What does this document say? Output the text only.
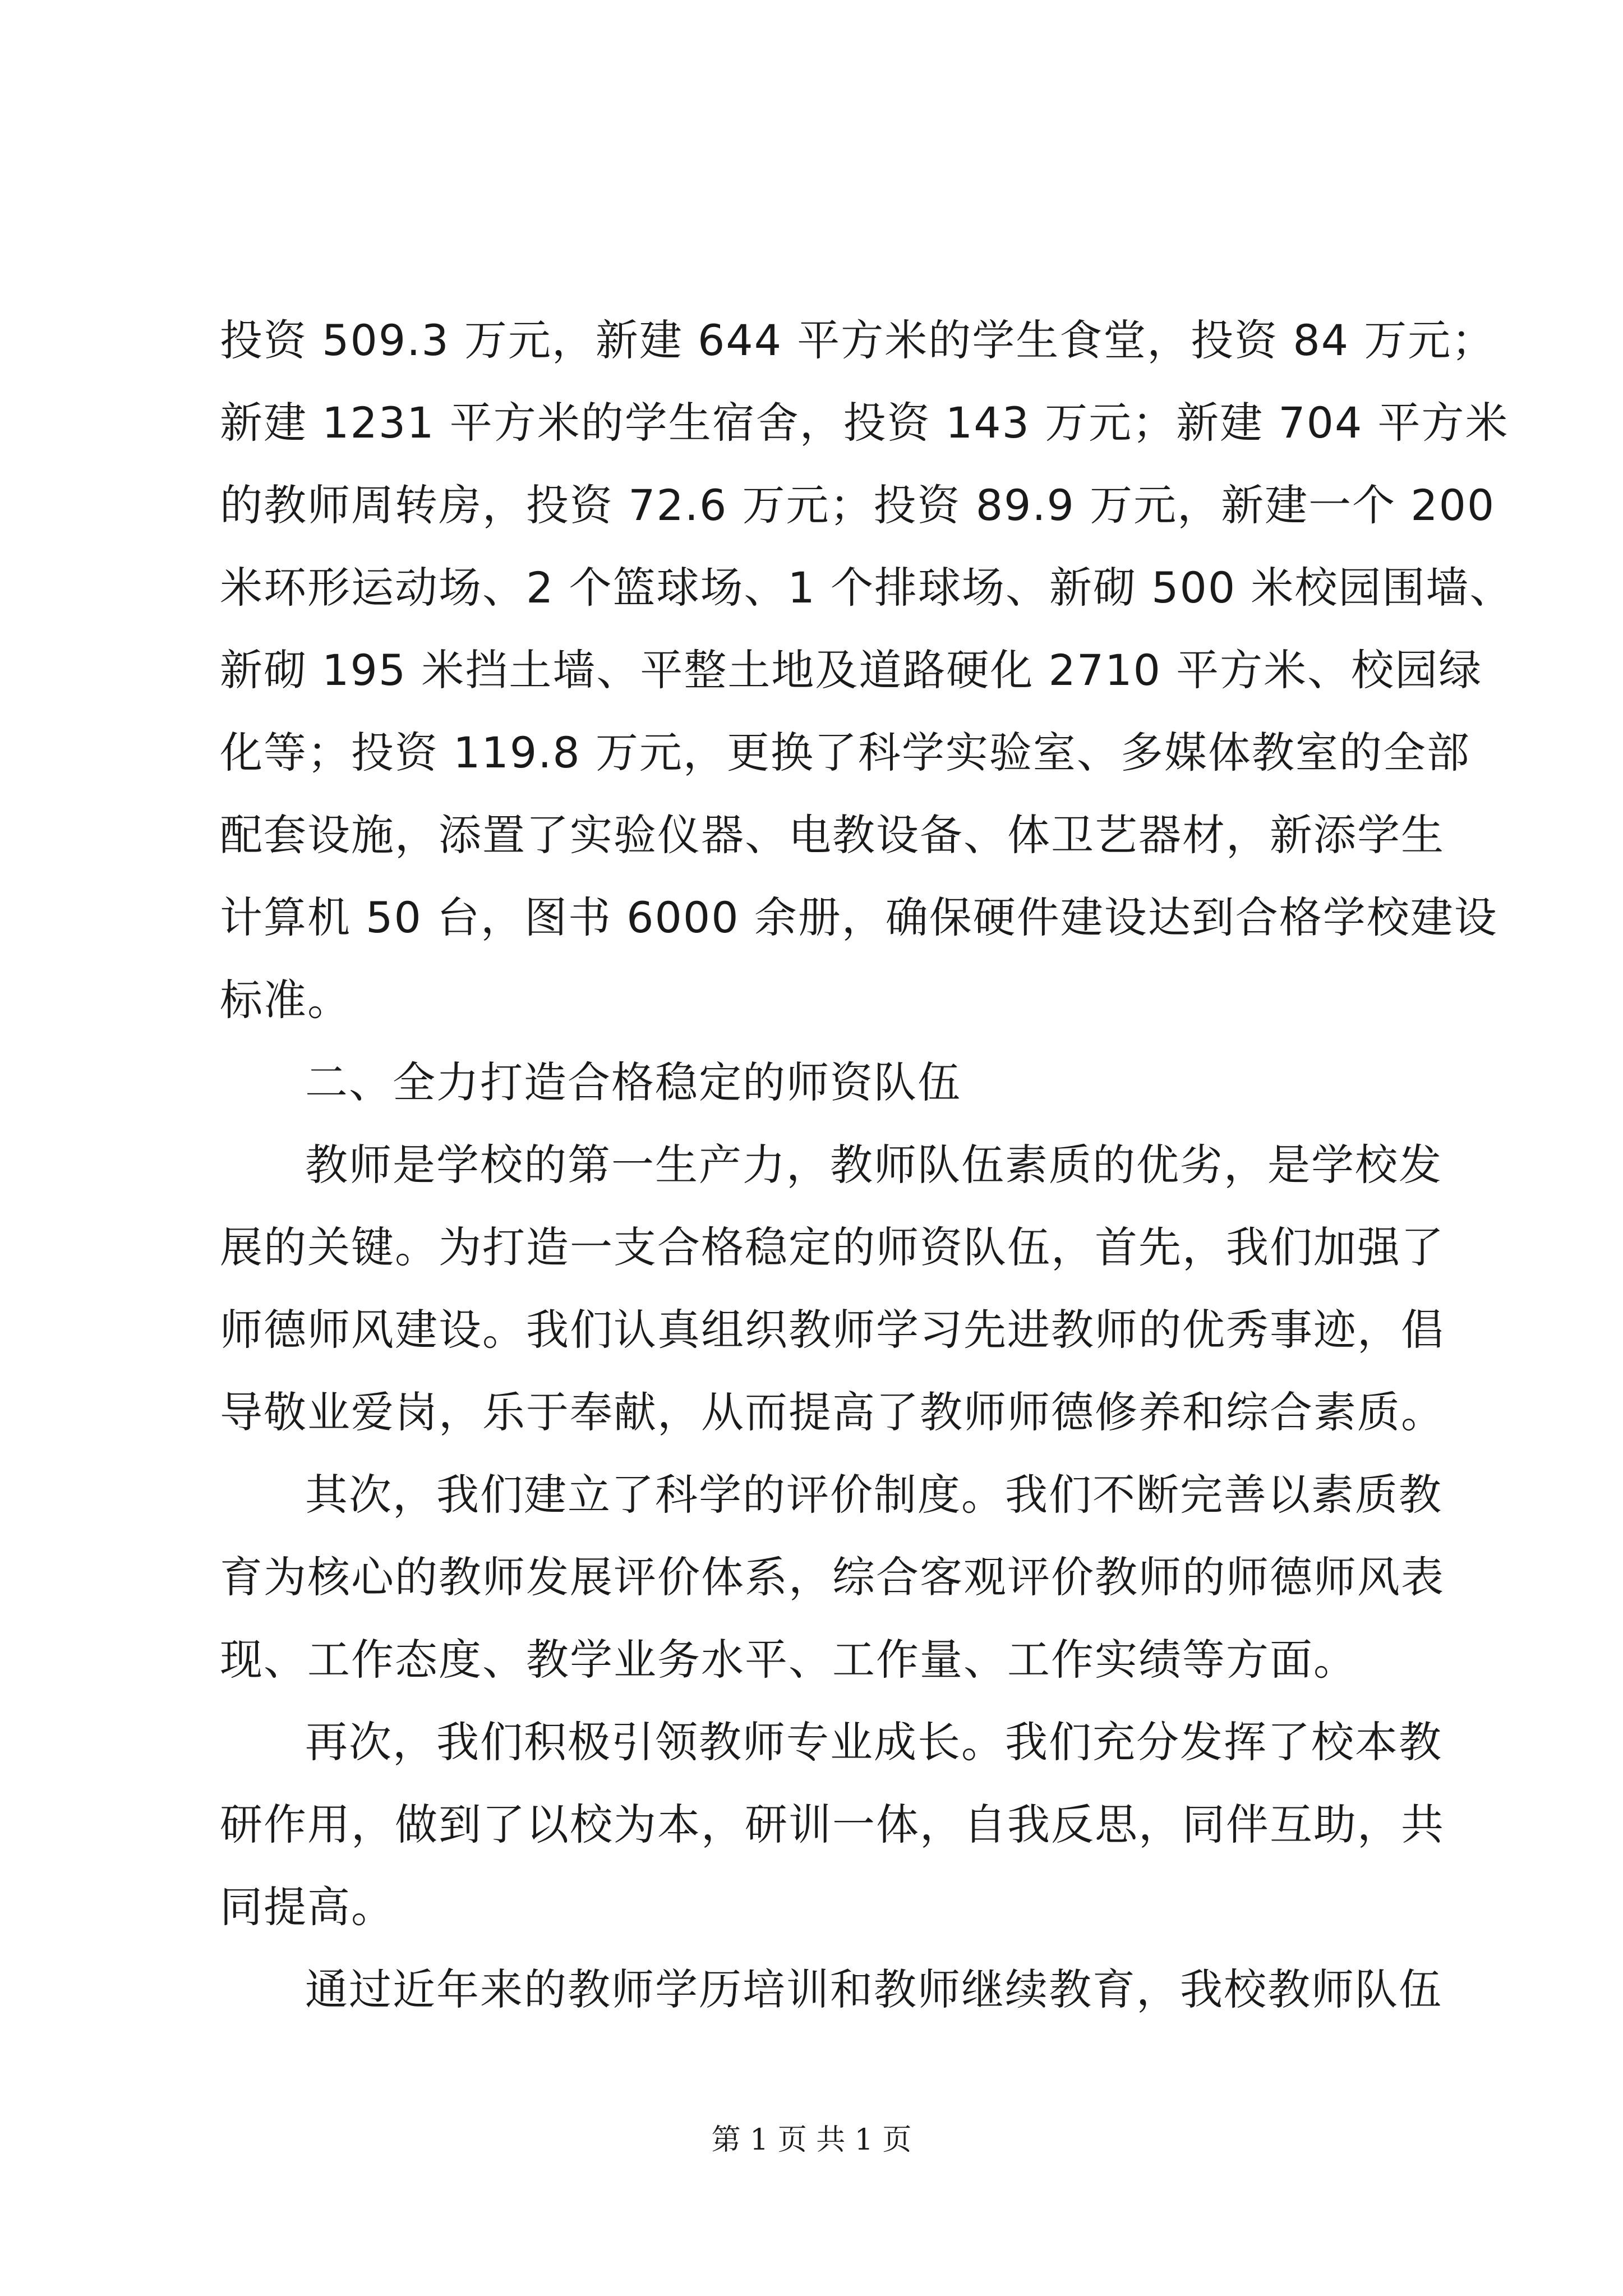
投资 509.3 万元，新建 644 平方米的学生食堂，投资 84 万元；
新建 1231 平方米的学生宿舍，投资 143 万元；新建 704 平方米
的教师周转房，投资 72.6 万元；投资 89.9 万元，新建一个 200
米环形运动场、2 个篮球场、1 个排球场、新砌 500 米校园围墙、
新砌 195 米挡土墙、平整土地及道路硬化 2710 平方米、校园绿
化等；投资 119.8 万元，更换了科学实验室、多媒体教室的全部
配套设施，添置了实验仪器、电教设备、体卫艺器材，新添学生
计算机 50 台，图书 6000 余册，确保硬件建设达到合格学校建设
标准。
二、全力打造合格稳定的师资队伍
教师是学校的第一生产力，教师队伍素质的优劣，是学校发
展的关键。为打造一支合格稳定的师资队伍，首先，我们加强了
师德师风建设。我们认真组织教师学习先进教师的优秀事迹，倡
导敬业爱岗，乐于奉献，从而提高了教师师德修养和综合素质。
其次，我们建立了科学的评价制度。我们不断完善以素质教
育为核心的教师发展评价体系，综合客观评价教师的师德师风表
现、工作态度、教学业务水平、工作量、工作实绩等方面。
再次，我们积极引领教师专业成长。我们充分发挥了校本教
研作用，做到了以校为本，研训一体，自我反思，同伴互助，共
同提高。
通过近年来的教师学历培训和教师继续教育，我校教师队伍
第 1 页 共 1 页
